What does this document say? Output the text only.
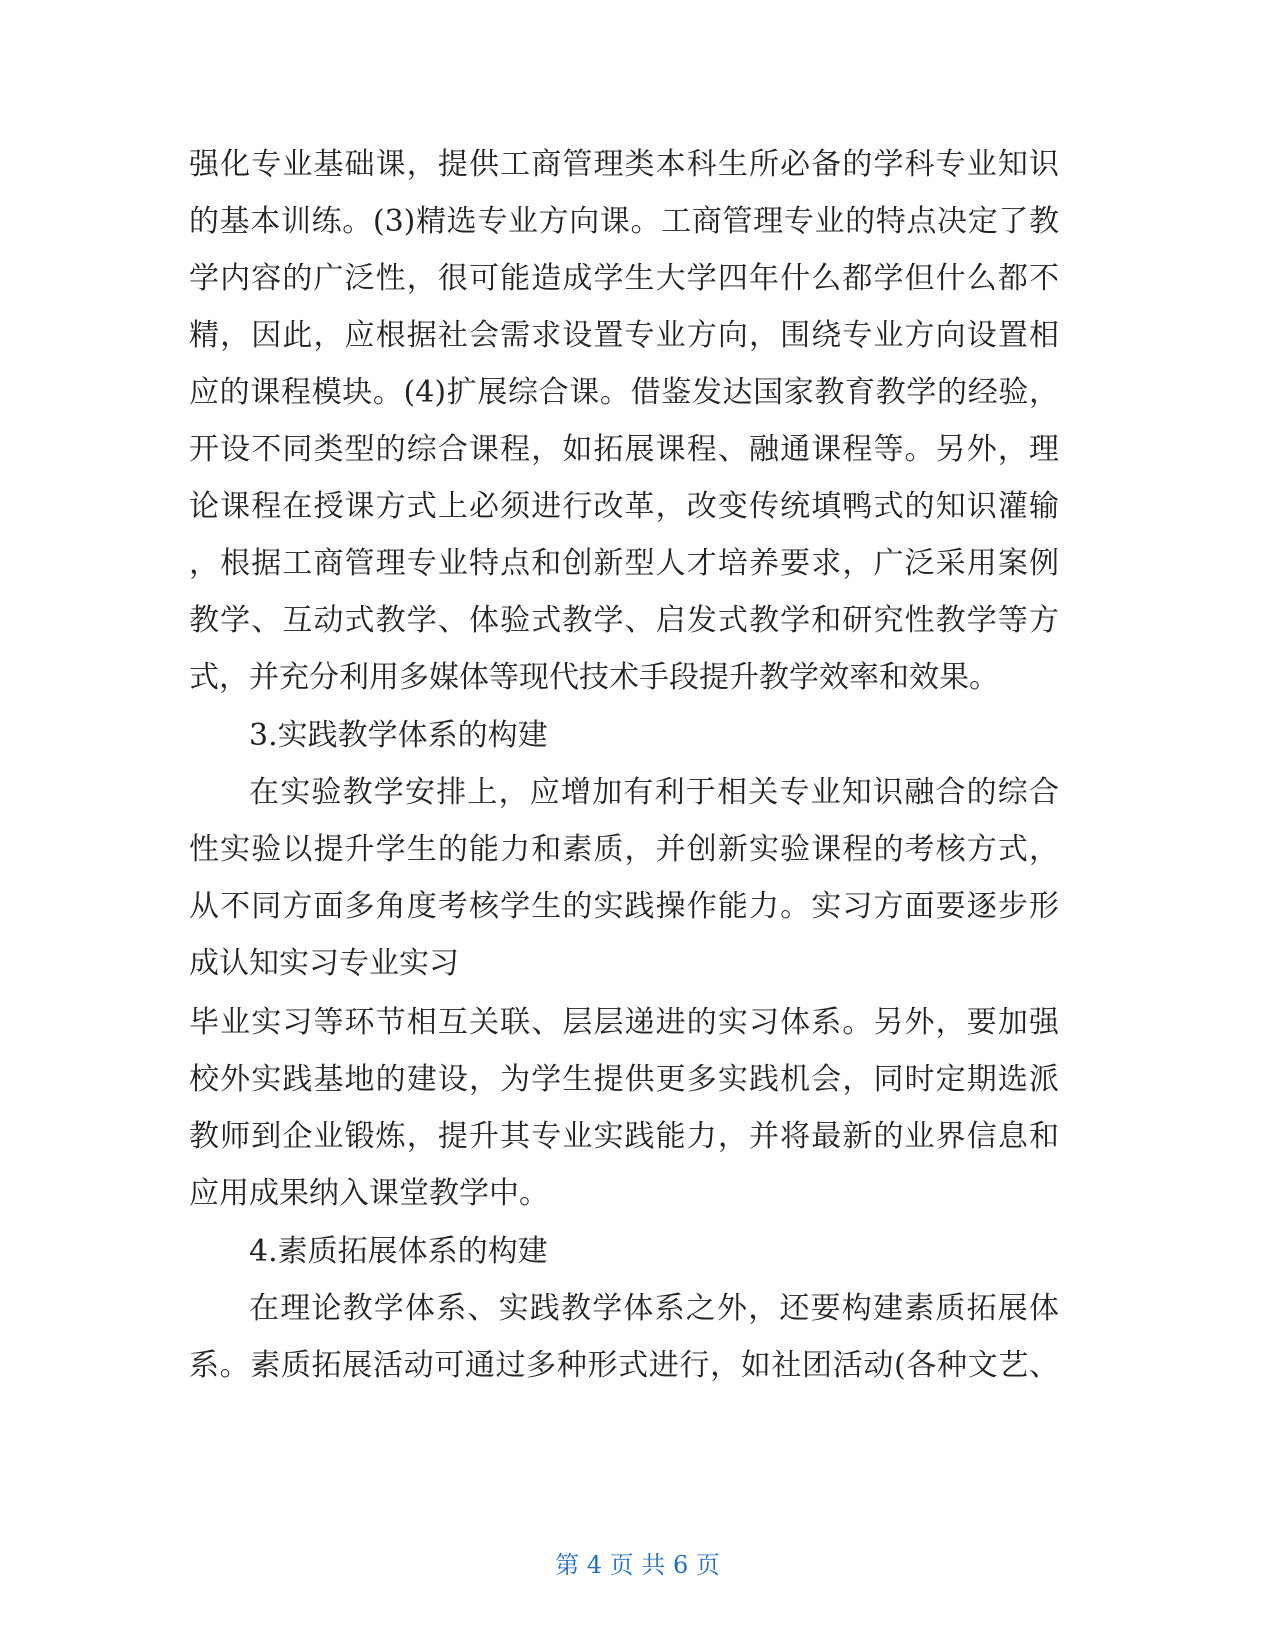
强化专业基础课，提供工商管理类本科生所必备的学科专业知识
的基本训练。(3)精选专业方向课。工商管理专业的特点决定了教
学内容的广泛性，很可能造成学生大学四年什么都学但什么都不
精，因此，应根据社会需求设置专业方向，围绕专业方向设置相
应的课程模块。(4)扩展综合课。借鉴发达国家教育教学的经验，
开设不同类型的综合课程，如拓展课程、融通课程等。另外，理
论课程在授课方式上必须进行改革，改变传统填鸭式的知识灌输
，根据工商管理专业特点和创新型人才培养要求，广泛采用案例
教学、互动式教学、体验式教学、启发式教学和研究性教学等方
式，并充分利用多媒体等现代技术手段提升教学效率和效果。
3.实践教学体系的构建
在实验教学安排上，应增加有利于相关专业知识融合的综合
性实验以提升学生的能力和素质，并创新实验课程的考核方式，
从不同方面多角度考核学生的实践操作能力。实习方面要逐步形
成认知实习专业实习
毕业实习等环节相互关联、层层递进的实习体系。另外，要加强
校外实践基地的建设，为学生提供更多实践机会，同时定期选派
教师到企业锻炼，提升其专业实践能力，并将最新的业界信息和
应用成果纳入课堂教学中。
4.素质拓展体系的构建
在理论教学体系、实践教学体系之外，还要构建素质拓展体
系。素质拓展活动可通过多种形式进行，如社团活动(各种文艺、
第 4 页 共 6 页
